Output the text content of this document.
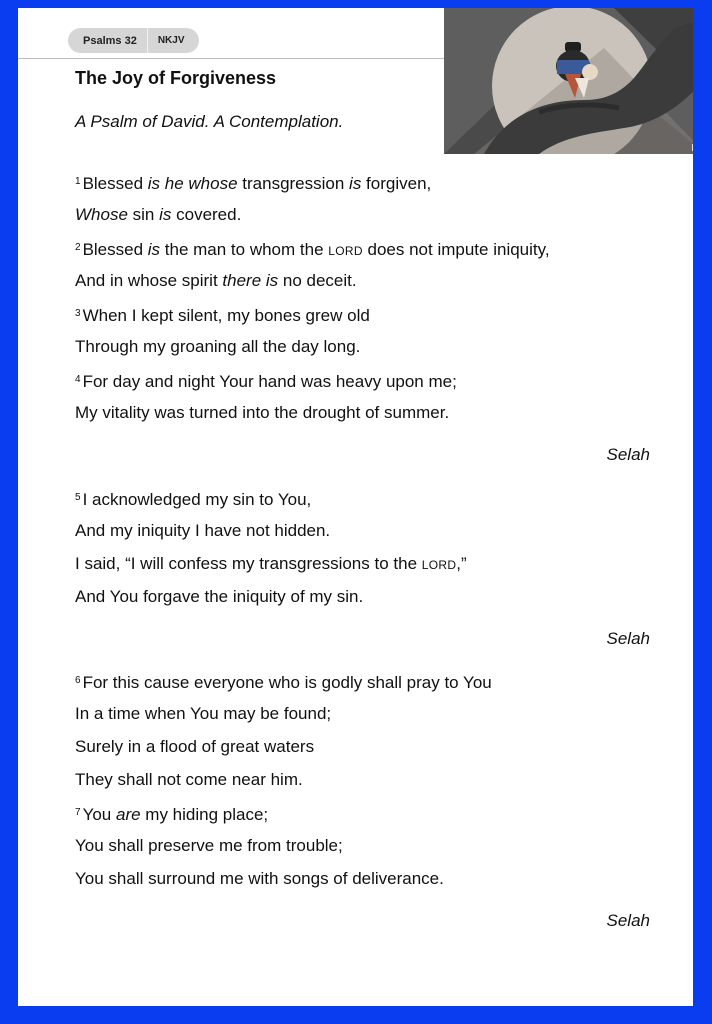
Psalms 32	NKJV
The Joy of Forgiveness

A Psalm of David. A Contemplation.

$^1$ Blessed is he whose transgression is forgiven,
Whose sin is covered.
$^2$ Blessed is the man to whom the LORD does not impute iniquity,
And in whose spirit there is no deceit.
$^3$ When I kept silent, my bones grew old
Through my groaning all the day long.
$^4$ For day and night Your hand was heavy upon me;
My vitality was turned into the drought of summer.
Selah
$^5$ I acknowledged my sin to You,
And my iniquity I have not hidden.
I said, “I will confess my transgressions to the LORD,”
And You forgave the iniquity of my sin.
Selah
$^6$ For this cause everyone who is godly shall pray to You
In a time when You may be found;
Surely in a flood of great waters
They shall not come near him.
$^7$ You are my hiding place;
You shall preserve me from trouble;
You shall surround me with songs of deliverance.
Selah
